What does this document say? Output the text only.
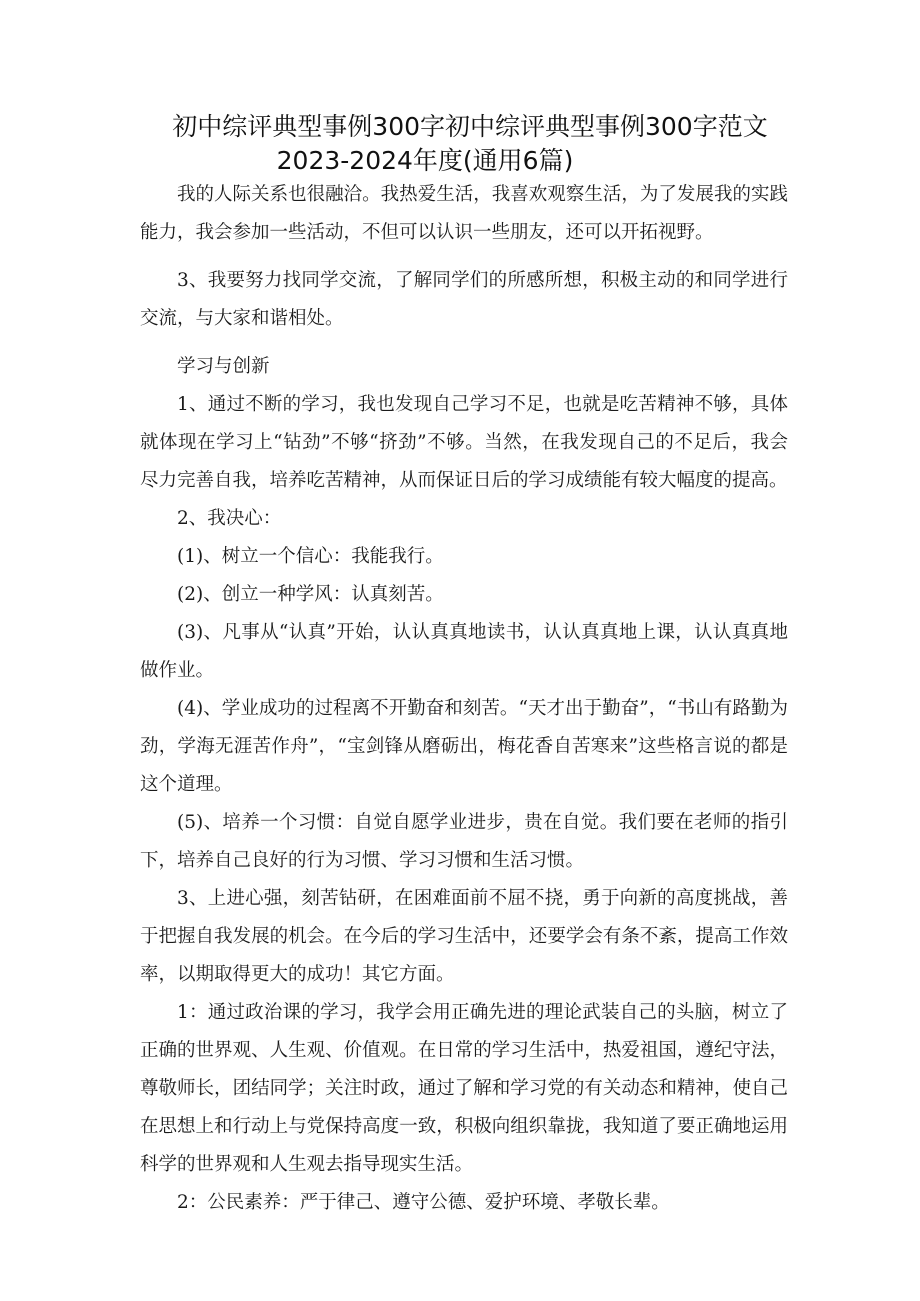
初中综评典型事例300字初中综评典型事例300字范文
2023-2024年度(通用6篇)

我的人际关系也很融洽。我热爱生活，我喜欢观察生活，为了发展我的实践能力，我会参加一些活动，不但可以认识一些朋友，还可以开拓视野。

3、我要努力找同学交流，了解同学们的所感所想，积极主动的和同学进行交流，与大家和谐相处。

学习与创新

1、通过不断的学习，我也发现自己学习不足，也就是吃苦精神不够，具体就体现在学习上“钻劲”不够“挤劲”不够。当然，在我发现自己的不足后，我会尽力完善自我，培养吃苦精神，从而保证日后的学习成绩能有较大幅度的提高。

2、我决心：

(1)、树立一个信心：我能我行。

(2)、创立一种学风：认真刻苦。

(3)、凡事从“认真”开始，认认真真地读书，认认真真地上课，认认真真地做作业。

(4)、学业成功的过程离不开勤奋和刻苦。“天才出于勤奋”，“书山有路勤为劲，学海无涯苦作舟”，“宝剑锋从磨砺出，梅花香自苦寒来”这些格言说的都是这个道理。

(5)、培养一个习惯：自觉自愿学业进步，贵在自觉。我们要在老师的指引下，培养自己良好的行为习惯、学习习惯和生活习惯。

3、上进心强，刻苦钻研，在困难面前不屈不挠，勇于向新的高度挑战，善于把握自我发展的机会。在今后的学习生活中，还要学会有条不紊，提高工作效率，以期取得更大的成功！其它方面。

1：通过政治课的学习，我学会用正确先进的理论武装自己的头脑，树立了正确的世界观、人生观、价值观。在日常的学习生活中，热爱祖国，遵纪守法，尊敬师长，团结同学；关注时政，通过了解和学习党的有关动态和精神，使自己在思想上和行动上与党保持高度一致，积极向组织靠拢，我知道了要正确地运用科学的世界观和人生观去指导现实生活。

2：公民素养：严于律己、遵守公德、爱护环境、孝敬长辈。
